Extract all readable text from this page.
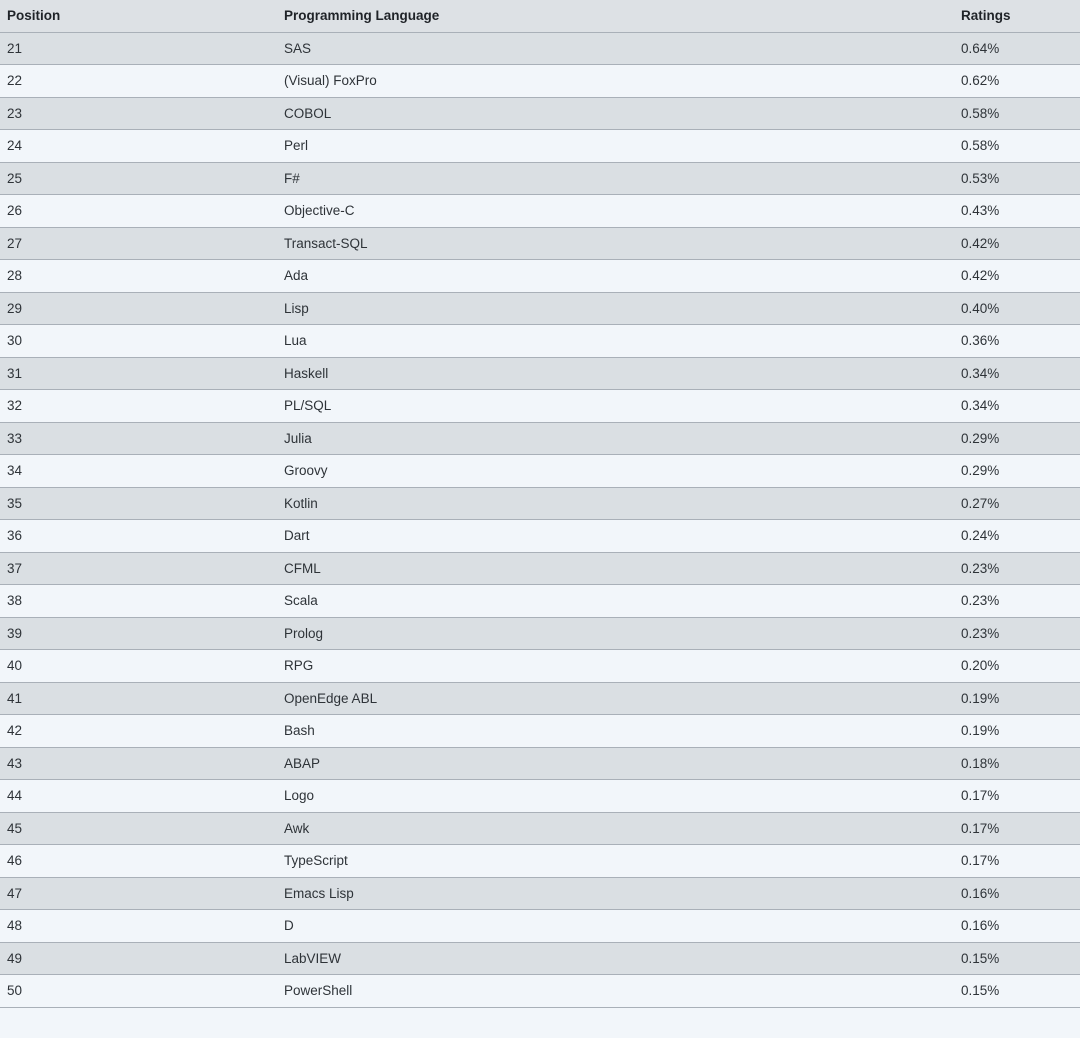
Position	Programming Language	Ratings
21	SAS	0.64%
22	(Visual) FoxPro	0.62%
23	COBOL	0.58%
24	Perl	0.58%
25	F#	0.53%
26	Objective-C	0.43%
27	Transact-SQL	0.42%
28	Ada	0.42%
29	Lisp	0.40%
30	Lua	0.36%
31	Haskell	0.34%
32	PL/SQL	0.34%
33	Julia	0.29%
34	Groovy	0.29%
35	Kotlin	0.27%
36	Dart	0.24%
37	CFML	0.23%
38	Scala	0.23%
39	Prolog	0.23%
40	RPG	0.20%
41	OpenEdge ABL	0.19%
42	Bash	0.19%
43	ABAP	0.18%
44	Logo	0.17%
45	Awk	0.17%
46	TypeScript	0.17%
47	Emacs Lisp	0.16%
48	D	0.16%
49	LabVIEW	0.15%
50	PowerShell	0.15%
